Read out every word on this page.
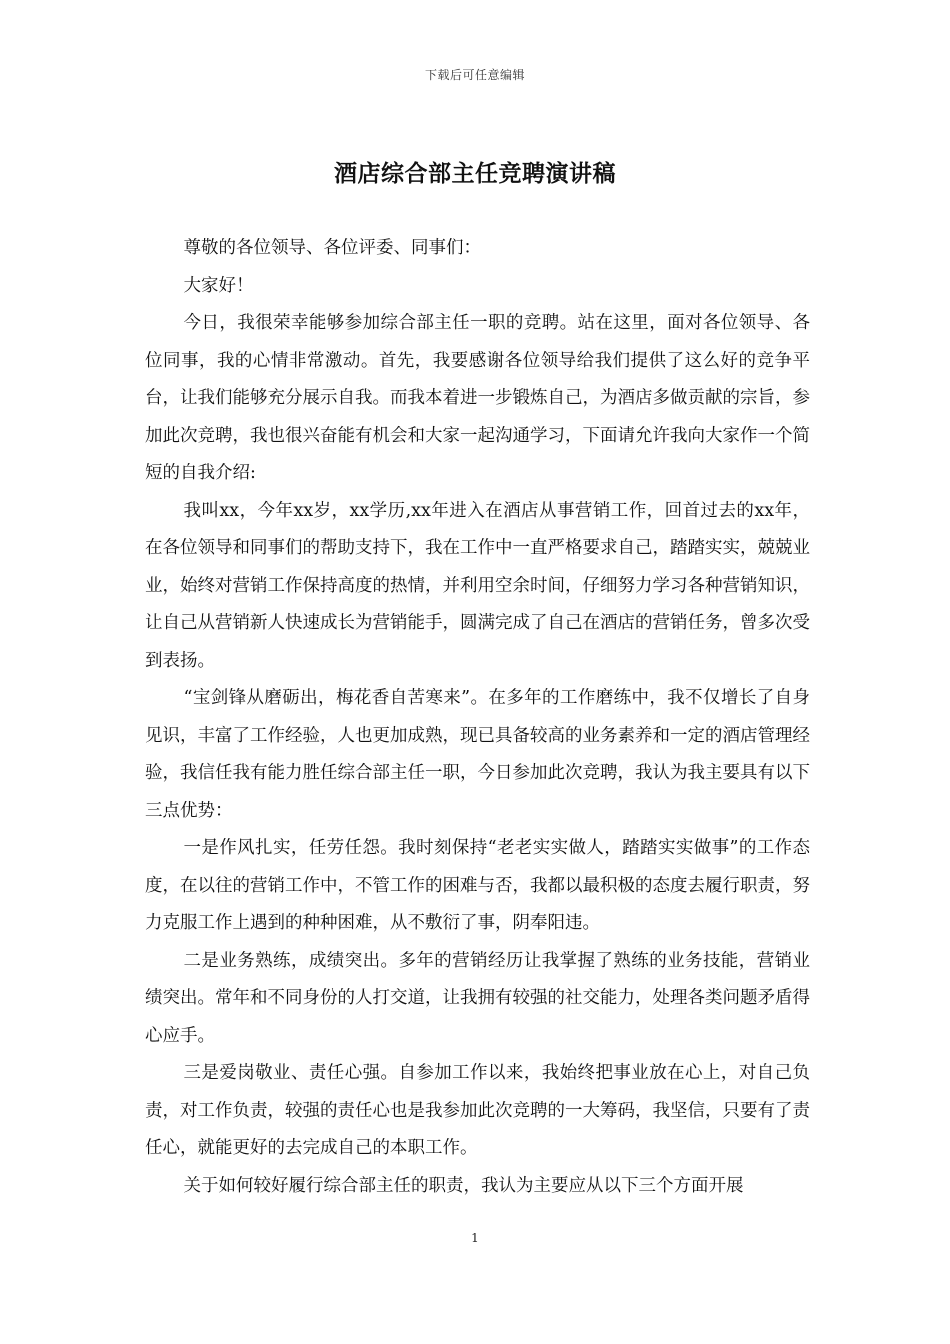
下载后可任意编辑
酒店综合部主任竞聘演讲稿

尊敬的各位领导、各位评委、同事们：

大家好！

今日，我很荣幸能够参加综合部主任一职的竞聘。站在这里，面对各位领导、各位同事，我的心情非常激动。首先，我要感谢各位领导给我们提供了这么好的竞争平台，让我们能够充分展示自我。而我本着进一步锻炼自己，为酒店多做贡献的宗旨，参加此次竞聘，我也很兴奋能有机会和大家一起沟通学习，下面请允许我向大家作一个简短的自我介绍:

我叫xx，今年xx岁，xx学历,xx年进入在酒店从事营销工作，回首过去的xx年，在各位领导和同事们的帮助支持下，我在工作中一直严格要求自己，踏踏实实，兢兢业业，始终对营销工作保持高度的热情，并利用空余时间，仔细努力学习各种营销知识，让自己从营销新人快速成长为营销能手，圆满完成了自己在酒店的营销任务，曾多次受到表扬。

“宝剑锋从磨砺出，梅花香自苦寒来”。在多年的工作磨练中，我不仅增长了自身见识，丰富了工作经验，人也更加成熟，现已具备较高的业务素养和一定的酒店管理经验，我信任我有能力胜任综合部主任一职，今日参加此次竞聘，我认为我主要具有以下三点优势：

一是作风扎实，任劳任怨。我时刻保持“老老实实做人，踏踏实实做事”的工作态度，在以往的营销工作中，不管工作的困难与否，我都以最积极的态度去履行职责，努力克服工作上遇到的种种困难，从不敷衍了事，阴奉阳违。

二是业务熟练，成绩突出。多年的营销经历让我掌握了熟练的业务技能，营销业绩突出。常年和不同身份的人打交道，让我拥有较强的社交能力，处理各类问题矛盾得心应手。

三是爱岗敬业、责任心强。自参加工作以来，我始终把事业放在心上，对自己负责，对工作负责，较强的责任心也是我参加此次竞聘的一大筹码，我坚信，只要有了责任心，就能更好的去完成自己的本职工作。

关于如何较好履行综合部主任的职责，我认为主要应从以下三个方面开展

1
